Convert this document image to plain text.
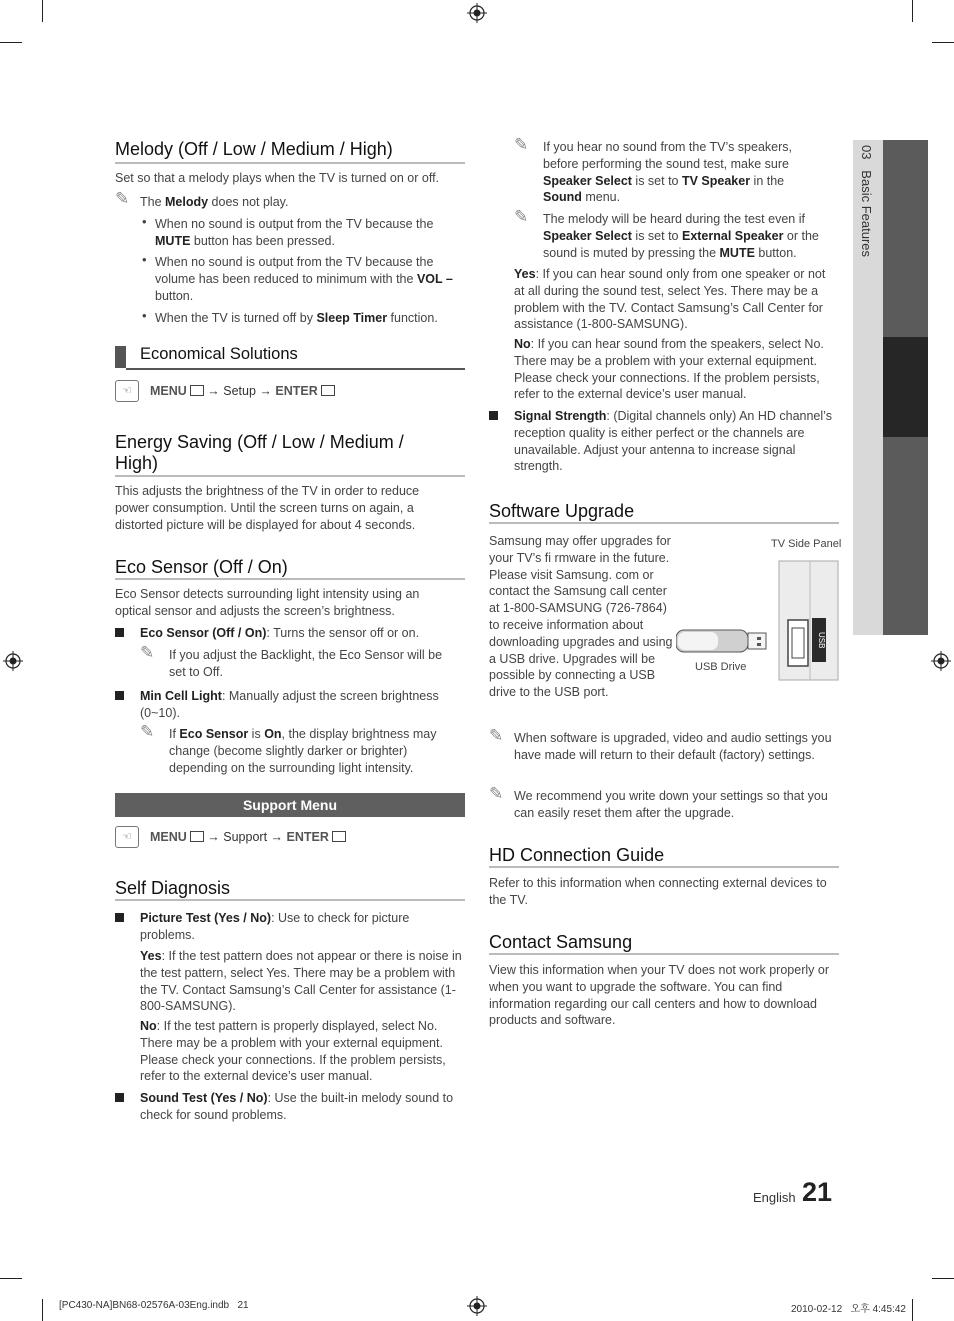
03   Basic Features
Melody (Off / Low / Medium / High)

Set so that a melody plays when the TV is turned on or off.

✎ The Melody does not play.

• When no sound is output from the TV because the MUTE button has been pressed.

• When no sound is output from the TV because the volume has been reduced to minimum with the VOL – button.

• When the TV is turned off by Sleep Timer function.

Economical Solutions
☜	MENU → Setup → ENTER
Energy Saving (Off / Low / Medium /
High)

This adjusts the brightness of the TV in order to reduce power consumption. Until the screen turns on again, a distorted picture will be displayed for about 4 seconds.

Eco Sensor (Off / On)

Eco Sensor detects surrounding light intensity using an optical sensor and adjusts the screen’s brightness.

Eco Sensor (Off / On): Turns the sensor off or on.

✎ If you adjust the Backlight, the Eco Sensor will be set to Off.

Min Cell Light: Manually adjust the screen brightness (0~10).

✎ If Eco Sensor is On, the display brightness may change (become slightly darker or brighter) depending on the surrounding light intensity.

Support Menu
☜	MENU → Support → ENTER
Self Diagnosis

Picture Test (Yes / No): Use to check for picture problems.

Yes: If the test pattern does not appear or there is noise in the test pattern, select Yes. There may be a problem with the TV. Contact Samsung’s Call Center for assistance (1-800-SAMSUNG).

No: If the test pattern is properly displayed, select No. There may be a problem with your external equipment. Please check your connections. If the problem persists, refer to the external device’s user manual.

Sound Test (Yes / No): Use the built-in melody sound to check for sound problems.

✎ If you hear no sound from the TV’s speakers, before performing the sound test, make sure Speaker Select is set to TV Speaker in the Sound menu.

✎ The melody will be heard during the test even if Speaker Select is set to External Speaker or the sound is muted by pressing the MUTE button.

Yes: If you can hear sound only from one speaker or not at all during the sound test, select Yes. There may be a problem with the TV. Contact Samsung’s Call Center for assistance (1-800-SAMSUNG).

No: If you can hear sound from the speakers, select No. There may be a problem with your external equipment. Please check your connections. If the problem persists, refer to the external device’s user manual.

Signal Strength: (Digital channels only) An HD channel’s reception quality is either perfect or the channels are unavailable. Adjust your antenna to increase signal strength.

Software Upgrade

Samsung may offer upgrades for your TV’s fi rmware in the future. Please visit Samsung. com or contact the Samsung call center at 1-800-SAMSUNG (726-7864) to receive information about downloading upgrades and using a USB drive. Upgrades will be possible by connecting a USB drive to the USB port.

TV Side Panel
USB
USB Drive
✎ When software is upgraded, video and audio settings you have made will return to their default (factory) settings.

✎ We recommend you write down your settings so that you can easily reset them after the upgrade.

HD Connection Guide

Refer to this information when connecting external devices to the TV.

Contact Samsung

View this information when your TV does not work properly or when you want to upgrade the software. You can find information regarding our call centers and how to download products and software.

English 21
[PC430-NA]BN68-02576A-03Eng.indb   21	2010-02-12   오후 4:45:42
